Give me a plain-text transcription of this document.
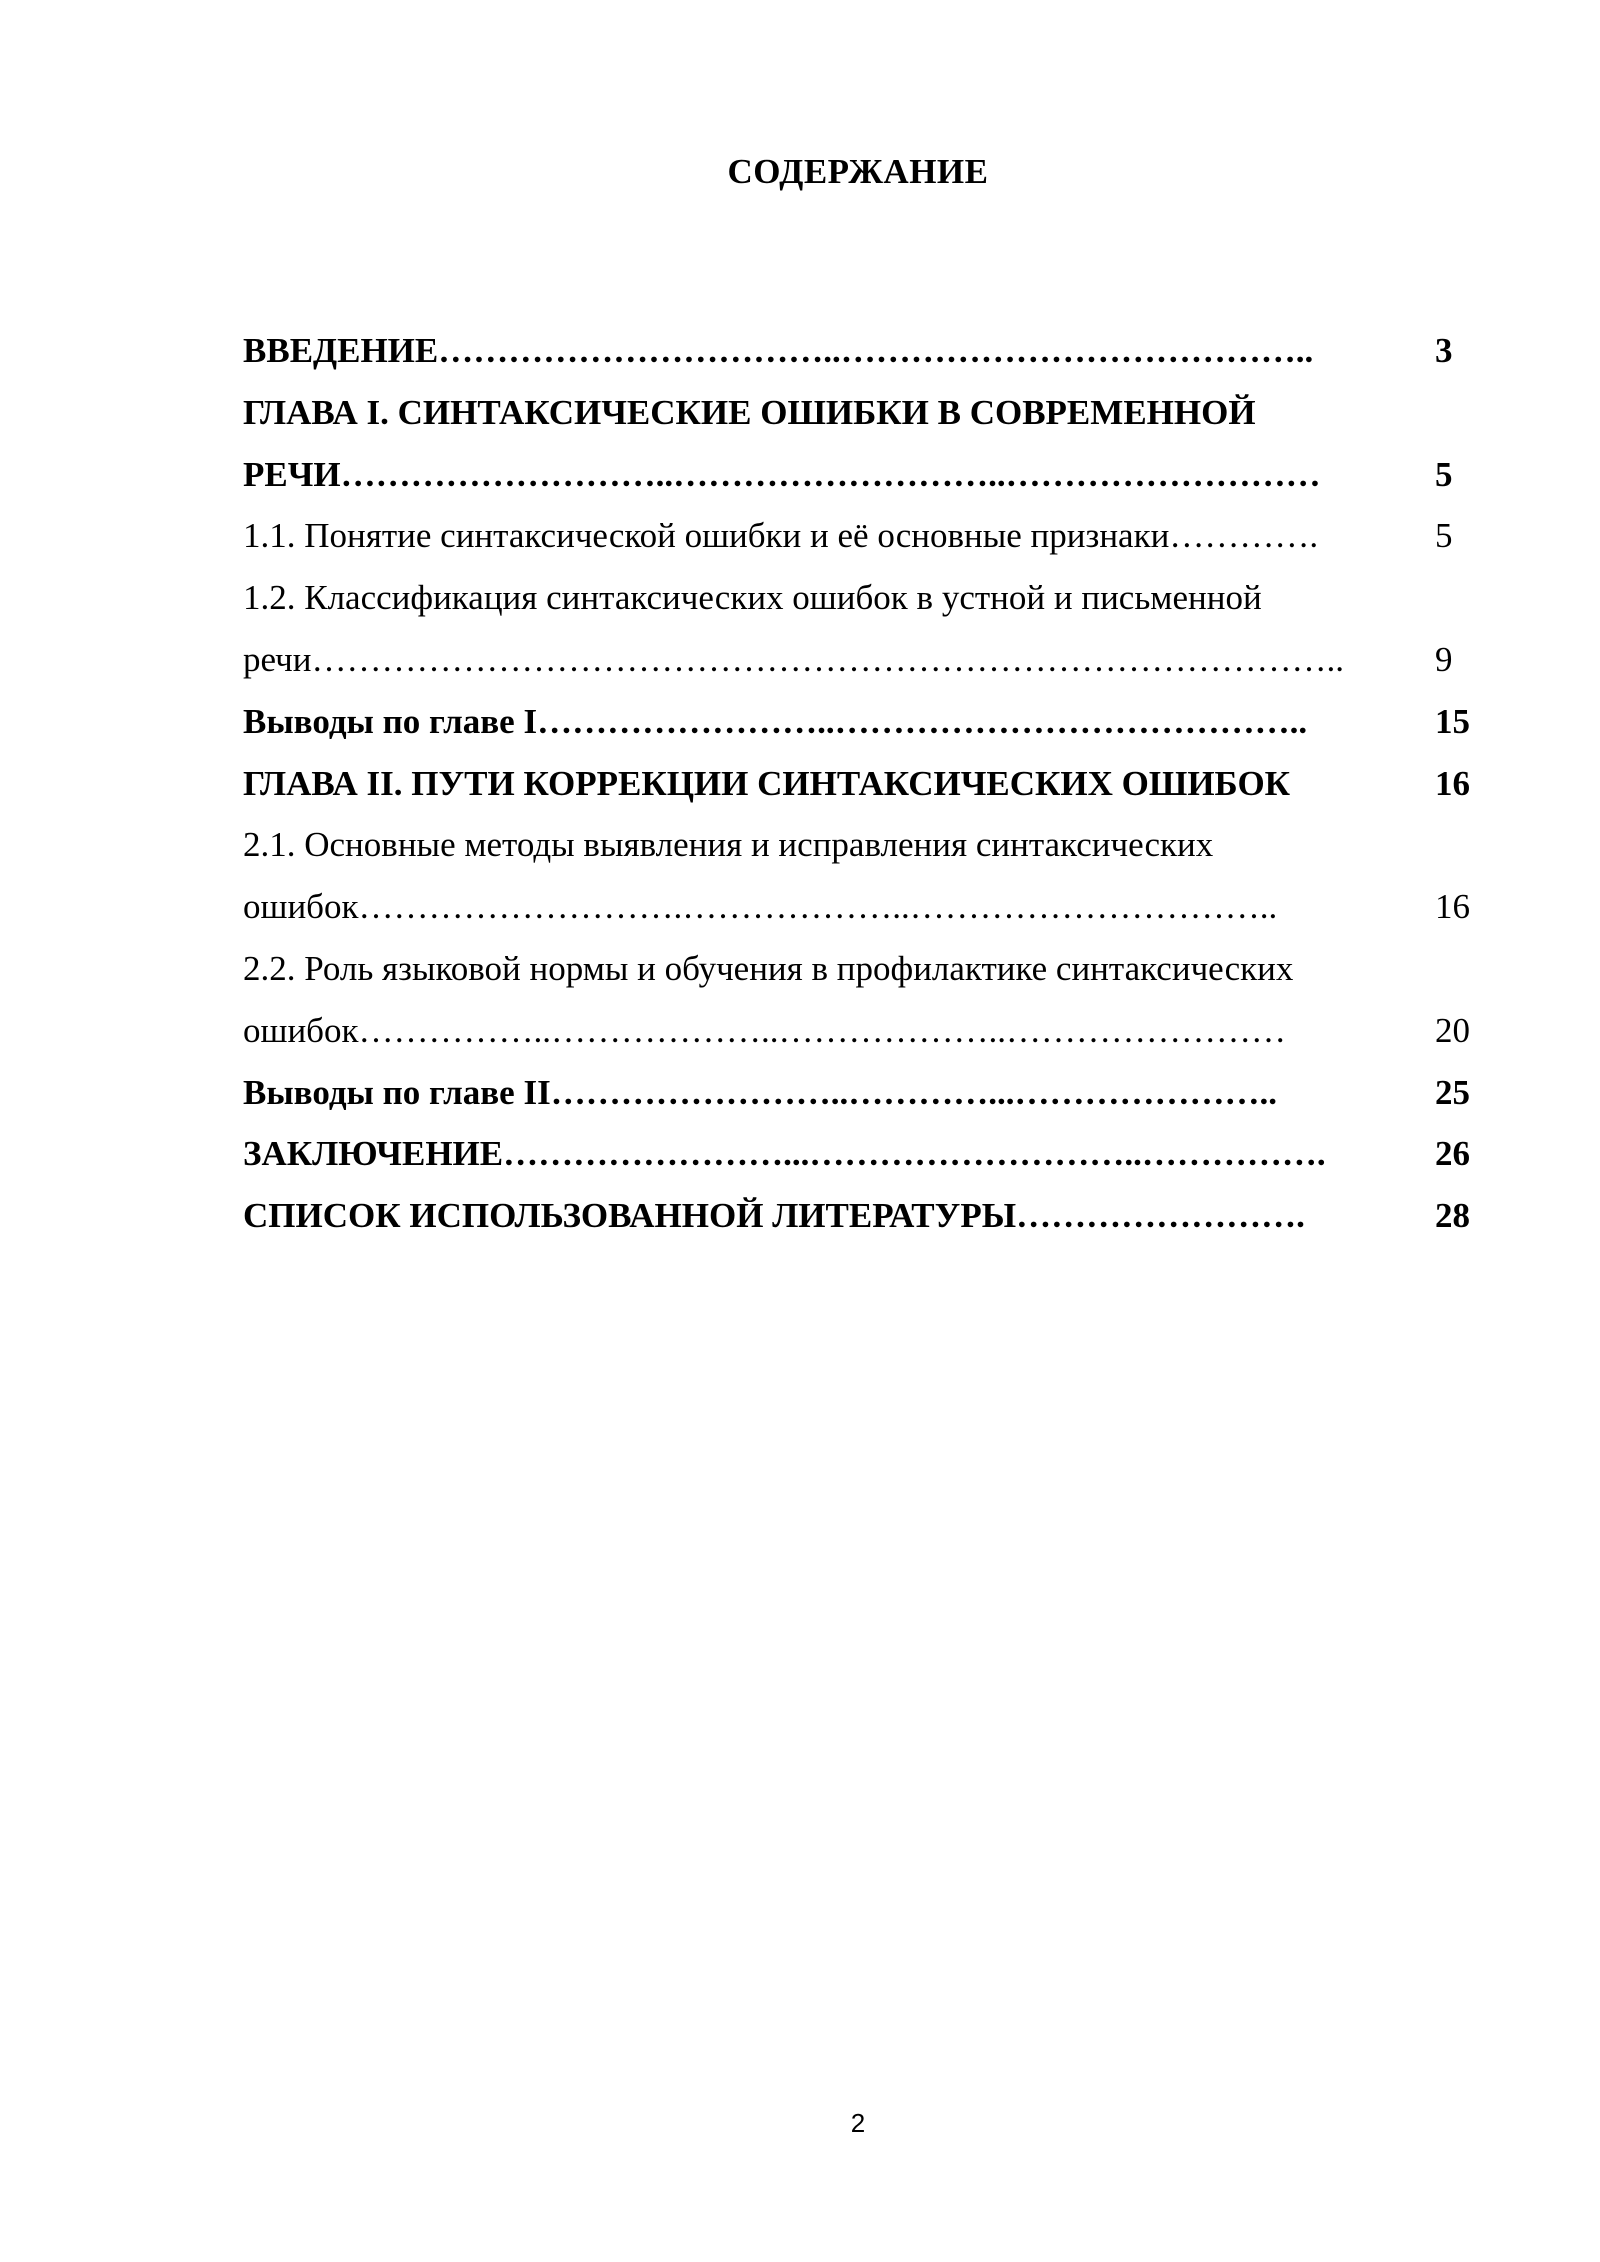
СОДЕРЖАНИЕ
ВВЕДЕНИЕ……………………………..…………………………………..	3
ГЛАВА I. СИНТАКСИЧЕСКИЕ ОШИБКИ В СОВРЕМЕННОЙ
РЕЧИ………………………..………………………..………………………	5
1.1. Понятие синтаксической ошибки и её основные признаки………….	5
1.2. Классификация синтаксических ошибок в устной и письменной
речи……………………………………………………………………………..	9
Выводы по главе I……………………..…………………………………..	15
ГЛАВА II. ПУТИ КОРРЕКЦИИ СИНТАКСИЧЕСКИХ ОШИБОК	16
2.1. Основные методы выявления и исправления синтаксических
ошибок……………………….………………..…………………………..	16
2.2. Роль языковой нормы и обучения в профилактике синтаксических
ошибок……………..………………..………………..……………………	20
Выводы по главе II……………………..…………...…………………..	25
ЗАКЛЮЧЕНИЕ……………………...………………………..…………….	26
СПИСОК ИСПОЛЬЗОВАННОЙ ЛИТЕРАТУРЫ…………………….	28
2
